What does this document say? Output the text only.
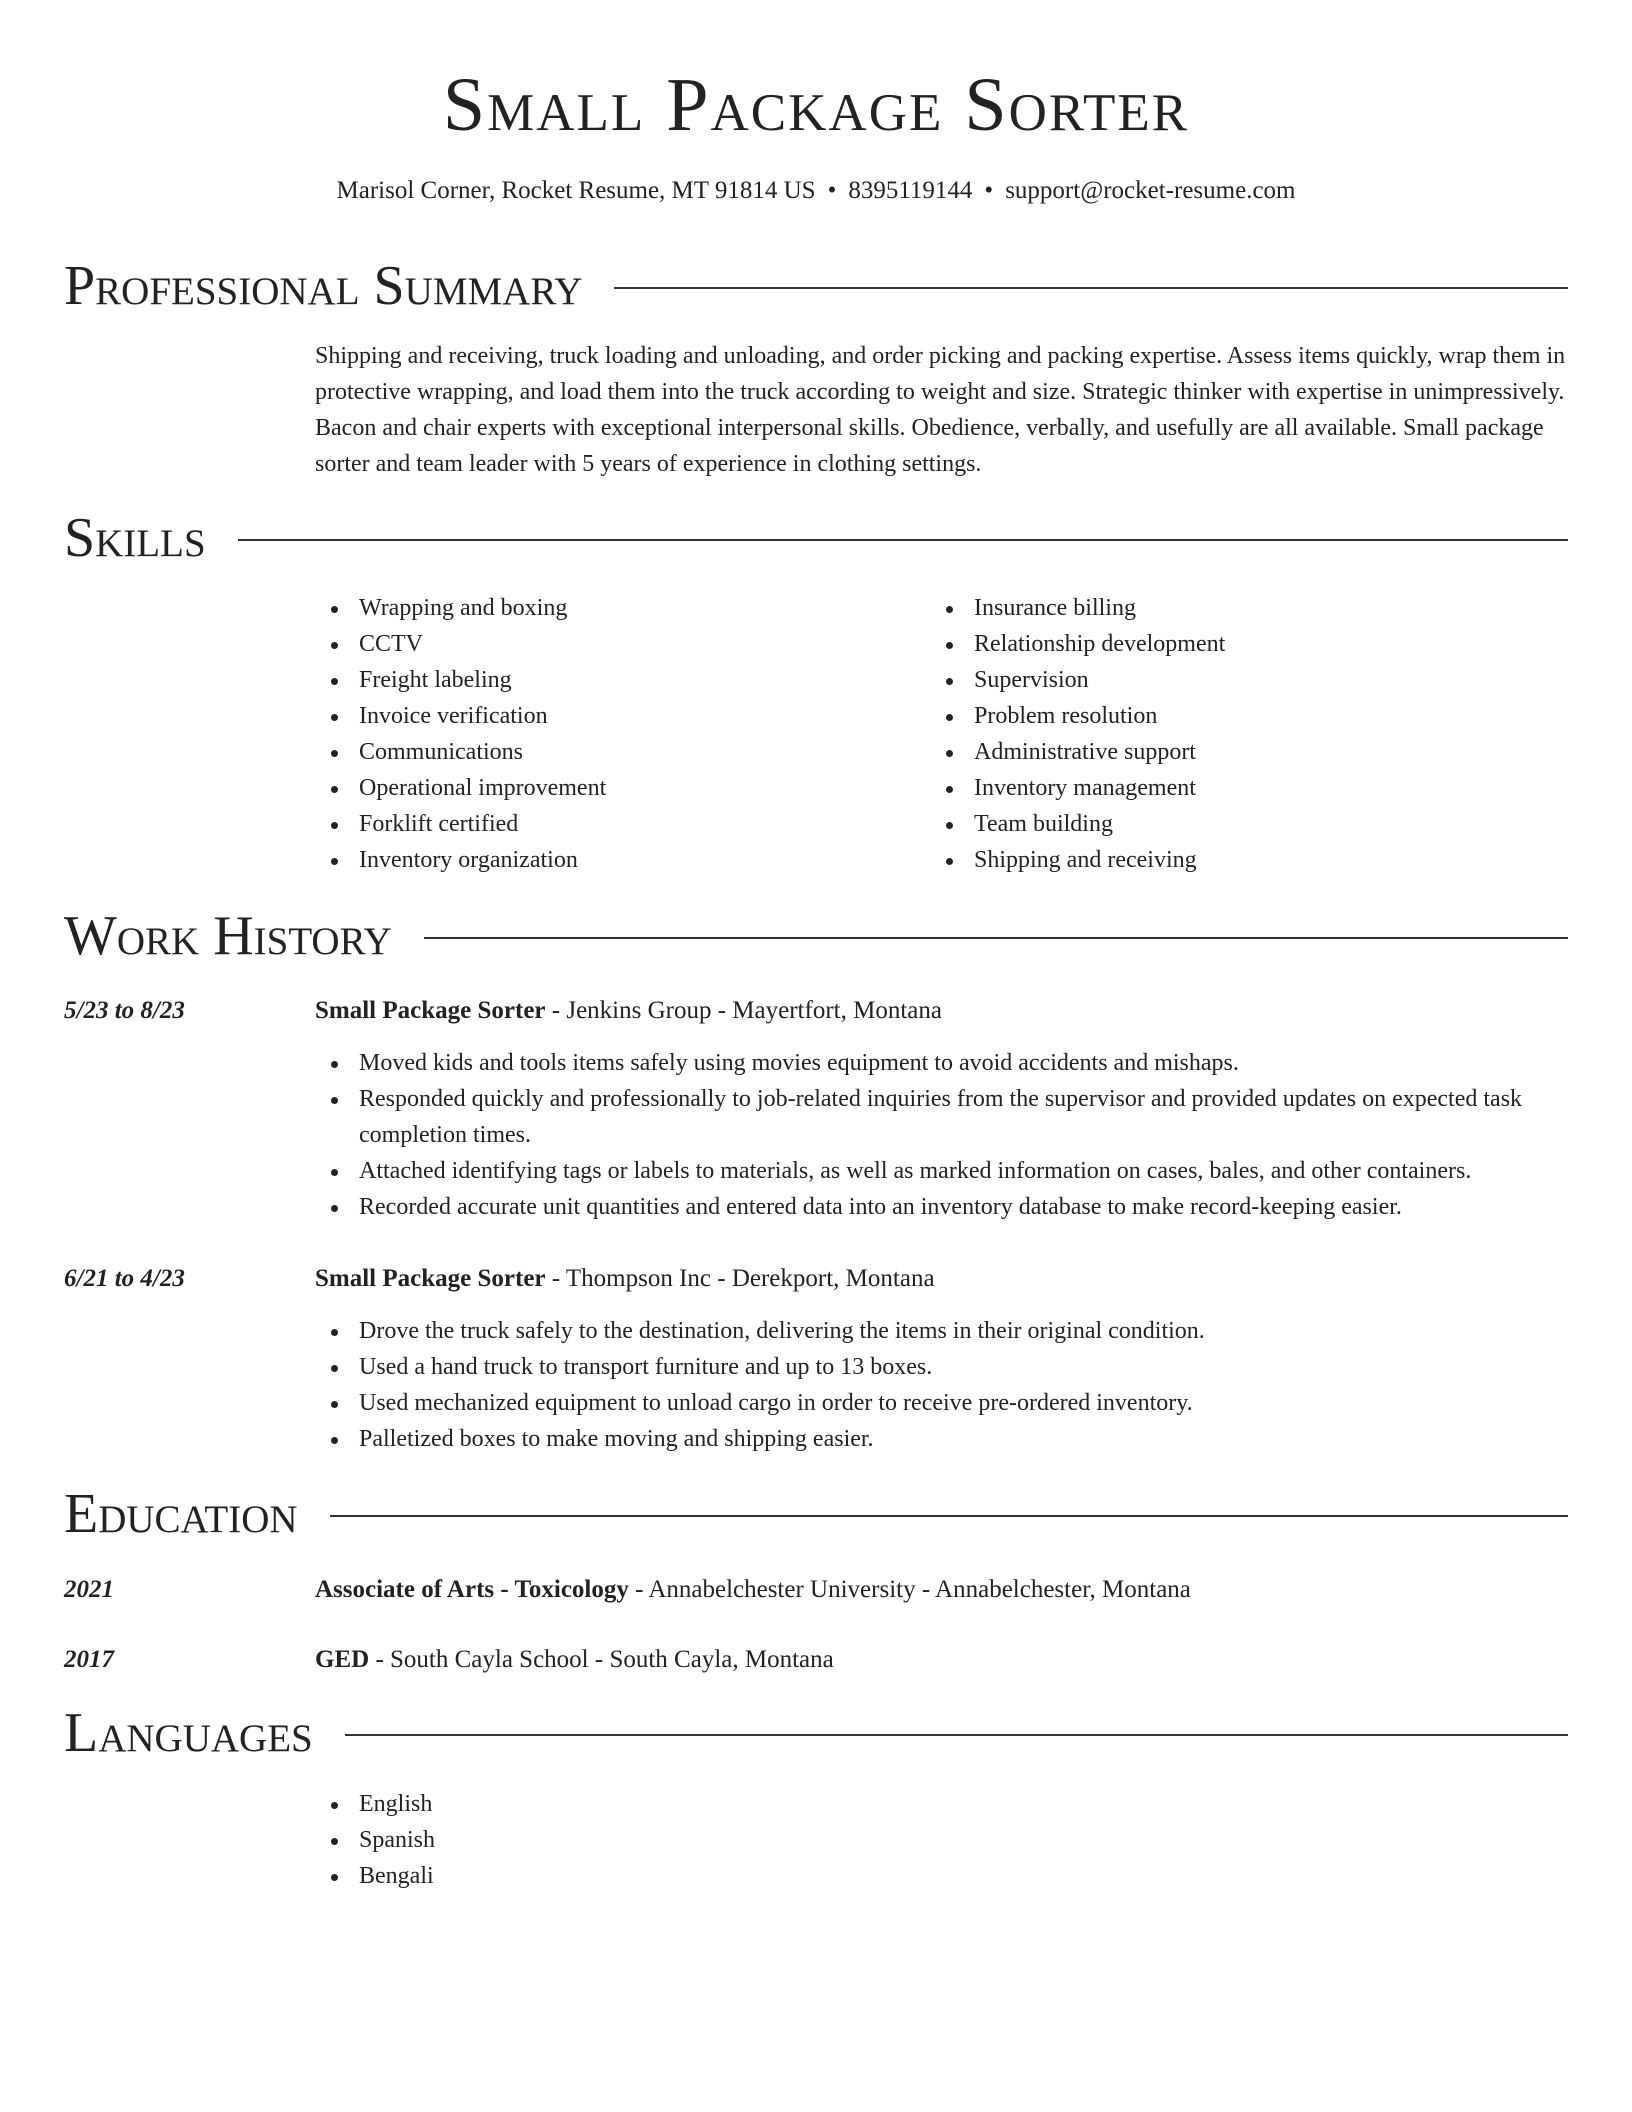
Small Package Sorter
Marisol Corner, Rocket Resume, MT 91814 US • 8395119144 • support@rocket-resume.com
Professional Summary

Shipping and receiving, truck loading and unloading, and order picking and packing expertise. Assess items quickly, wrap them in protective wrapping, and load them into the truck according to weight and size. Strategic thinker with expertise in unimpressively. Bacon and chair experts with exceptional interpersonal skills. Obedience, verbally, and usefully are all available. Small package sorter and team leader with 5 years of experience in clothing settings.

Skills
Wrapping and boxing
CCTV
Freight labeling
Invoice verification
Communications
Operational improvement
Forklift certified
Inventory organization
Insurance billing
Relationship development
Supervision
Problem resolution
Administrative support
Inventory management
Team building
Shipping and receiving
Work History
5/23 to 8/23	Small Package Sorter - Jenkins Group - Mayertfort, Montana
Moved kids and tools items safely using movies equipment to avoid accidents and mishaps.
Responded quickly and professionally to job-related inquiries from the supervisor and provided updates on expected task completion times.
Attached identifying tags or labels to materials, as well as marked information on cases, bales, and other containers.
Recorded accurate unit quantities and entered data into an inventory database to make record-keeping easier.
6/21 to 4/23	Small Package Sorter - Thompson Inc - Derekport, Montana
Drove the truck safely to the destination, delivering the items in their original condition.
Used a hand truck to transport furniture and up to 13 boxes.
Used mechanized equipment to unload cargo in order to receive pre-ordered inventory.
Palletized boxes to make moving and shipping easier.
Education
2021	Associate of Arts - Toxicology - Annabelchester University - Annabelchester, Montana
2017	GED - South Cayla School - South Cayla, Montana
Languages
English
Spanish
Bengali
